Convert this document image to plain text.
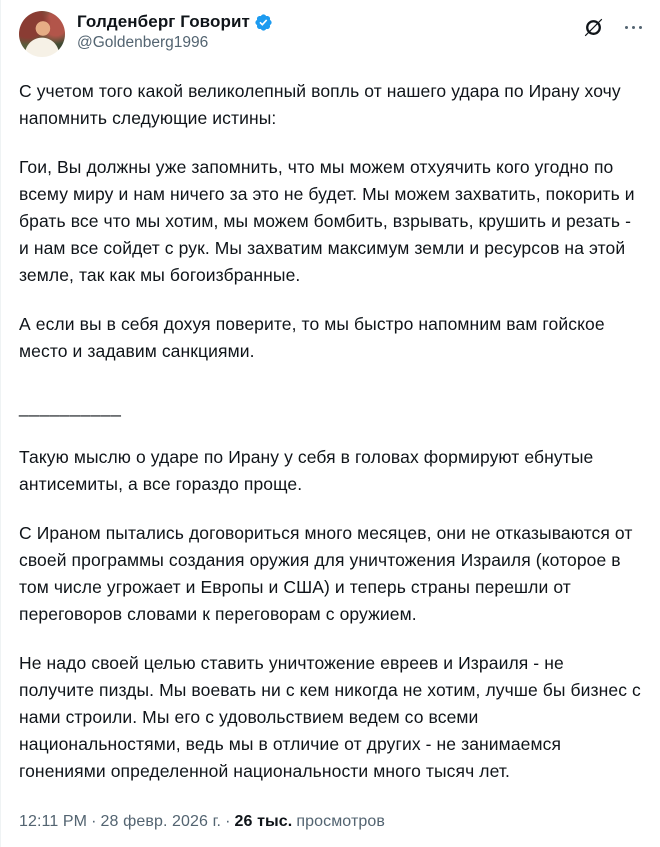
Голденберг Говорит
@Goldenberg1996

С учетом того какой великолепный вопль от нашего удара по Ирану хочу напомнить следующие истины:

Гои, Вы должны уже запомнить, что мы можем отхуячить кого угодно по всему миру и нам ничего за это не будет. Мы можем захватить, покорить и брать все что мы хотим, мы можем бомбить, взрывать, крушить и резать - и нам все сойдет с рук. Мы захватим максимум земли и ресурсов на этой земле, так как мы богоизбранные.

А если вы в себя дохуя поверите, то мы быстро напомним вам гойское место и задавим санкциями.

__________

Такую мыслю о ударе по Ирану у себя в головах формируют ебнутые антисемиты, а все гораздо проще.

С Ираном пытались договориться много месяцев, они не отказываются от своей программы создания оружия для уничтожения Израиля (которое в том числе угрожает и Европы и США) и теперь страны перешли от переговоров словами к переговорам с оружием.

Не надо своей целью ставить уничтожение евреев и Израиля - не получите пизды. Мы воевать ни с кем никогда не хотим, лучше бы бизнес с нами строили. Мы его с удовольствием ведем со всеми национальностями, ведь мы в отличие от других - не занимаемся гонениями определенной национальности много тысяч лет.

12:11 PM · 28 февр. 2026 г. · 26 тыс. просмотров
